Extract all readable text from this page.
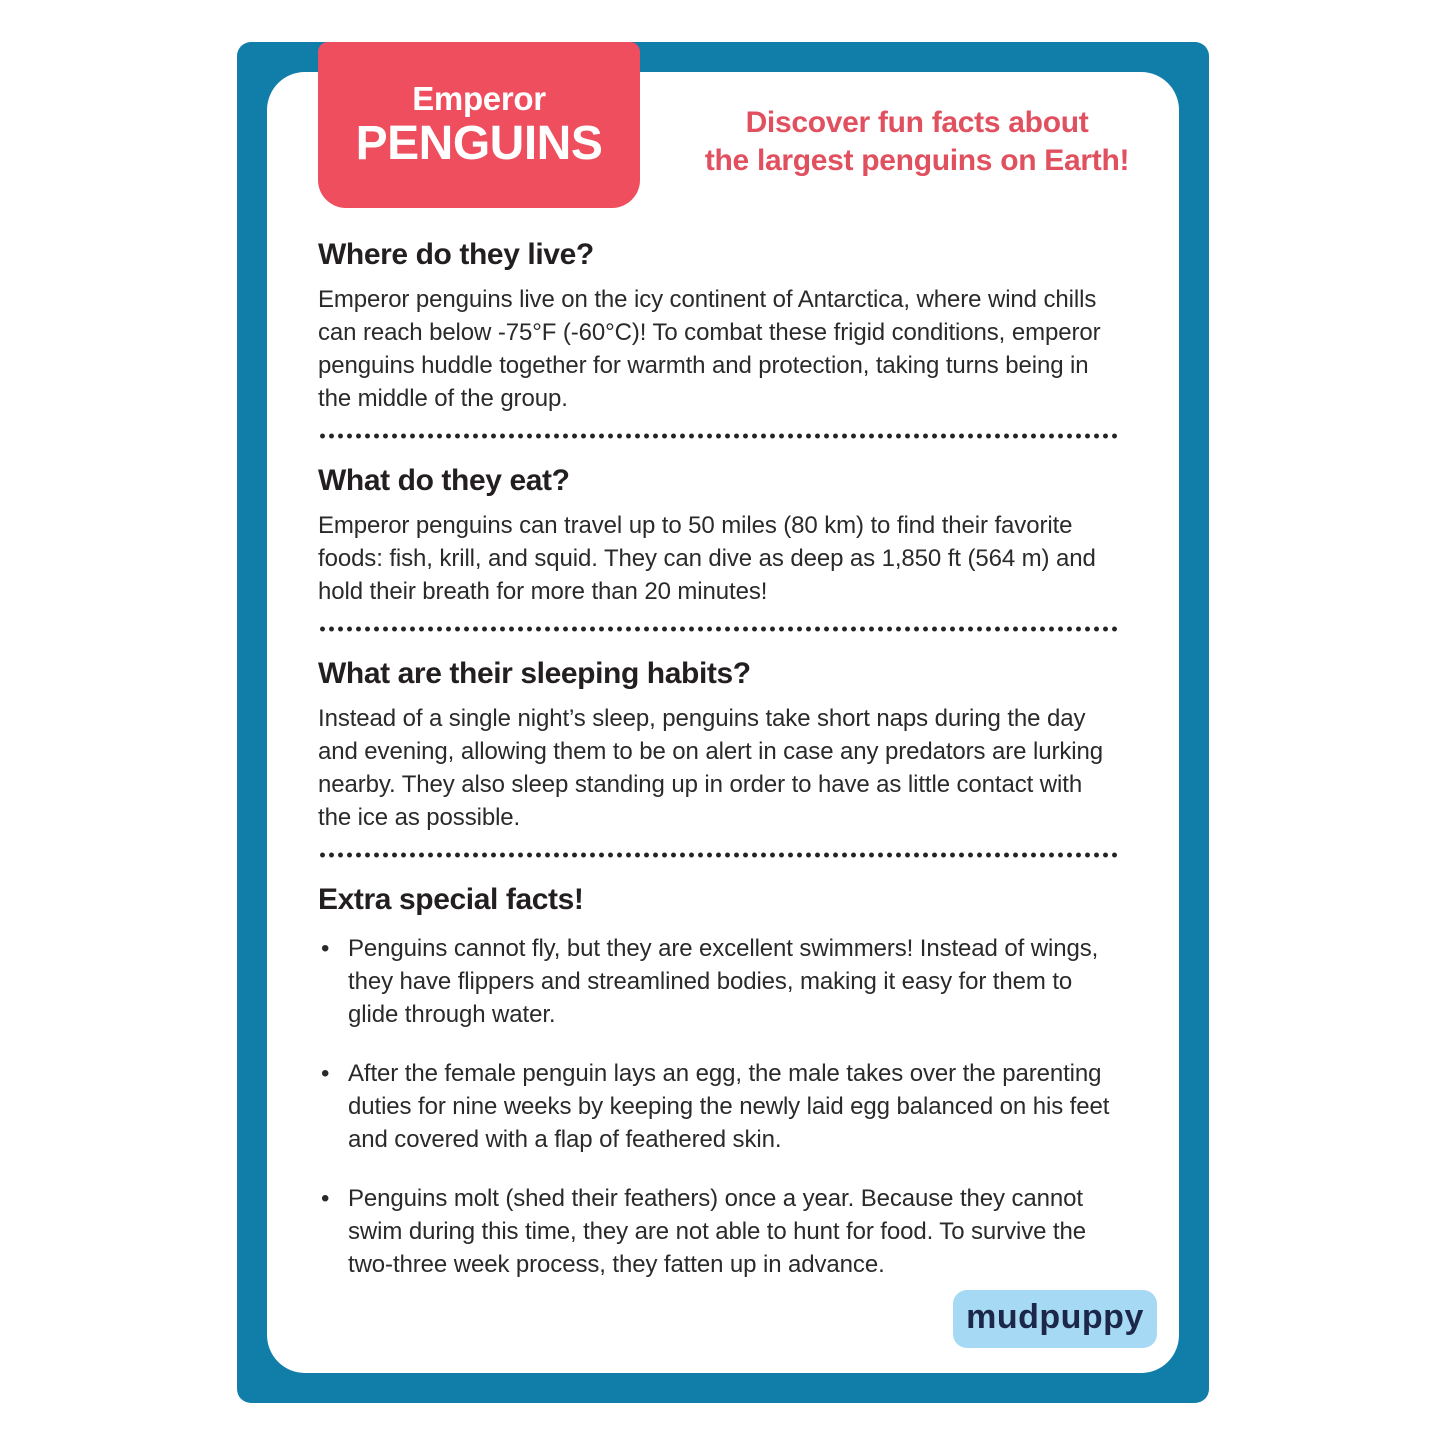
Emperor
PENGUINS	Discover fun facts about
the largest penguins on Earth!
Where do they live?

Emperor penguins live on the icy continent of Antarctica, where wind chills can reach below -75°F (-60°C)! To combat these frigid conditions, emperor penguins huddle together for warmth and protection, taking turns being in the middle of the group.

What do they eat?

Emperor penguins can travel up to 50 miles (80 km) to find their favorite foods: fish, krill, and squid. They can dive as deep as 1,850 ft (564 m) and hold their breath for more than 20 minutes!

What are their sleeping habits?

Instead of a single night’s sleep, penguins take short naps during the day and evening, allowing them to be on alert in case any predators are lurking nearby. They also sleep standing up in order to have as little contact with the ice as possible.

Extra special facts!
• Penguins cannot fly, but they are excellent swimmers! Instead of wings, they have flippers and streamlined bodies, making it easy for them to glide through water.
• After the female penguin lays an egg, the male takes over the parenting duties for nine weeks by keeping the newly laid egg balanced on his feet and covered with a flap of feathered skin.
• Penguins molt (shed their feathers) once a year. Because they cannot swim during this time, they are not able to hunt for food. To survive the two-three week process, they fatten up in advance.
mudpuppy
